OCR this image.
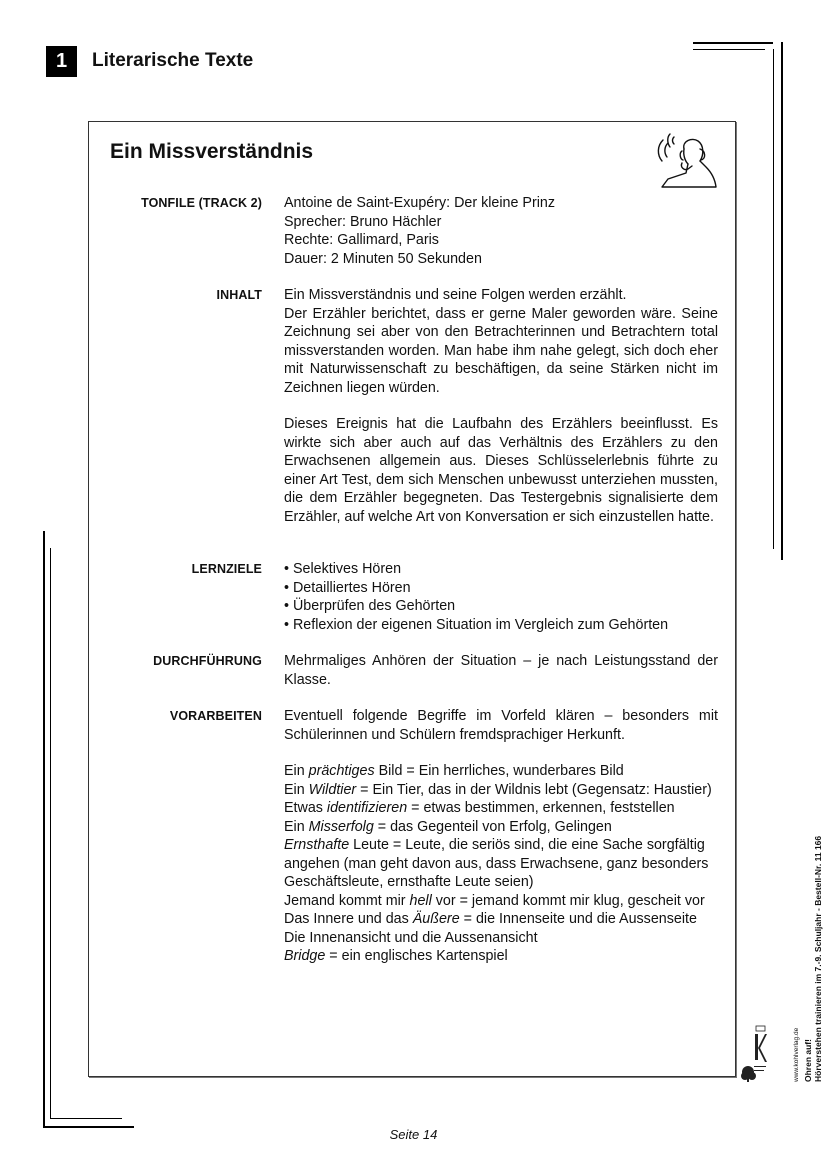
1	Literarische Texte
Ein Missverständnis
TONFILE (TRACK 2) Antoine de Saint-Exupéry: Der kleine Prinz

Sprecher: Bruno Hächler

Rechte: Gallimard, Paris

Dauer: 2 Minuten 50 Sekunden

INHALT Ein Missverständnis und seine Folgen werden erzählt.

Der Erzähler berichtet, dass er gerne Maler geworden wäre. Seine Zeichnung sei aber von den Betrachterinnen und Betrachtern total missverstanden worden. Man habe ihm nahe gelegt, sich doch eher mit Naturwissenschaft zu beschäftigen, da seine Stärken nicht im Zeichnen liegen würden.

Dieses Ereignis hat die Laufbahn des Erzählers beeinflusst. Es wirkte sich aber auch auf das Verhältnis des Erzählers zu den Erwachsenen allgemein aus. Dieses Schlüsselerlebnis führte zu einer Art Test, dem sich Menschen unbewusst unterziehen mussten, die dem Erzähler begegneten. Das Testergebnis signalisierte dem Erzähler, auf welche Art von Konversation er sich einzustellen hatte.

LERNZIELE • Selektives Hören

• Detailliertes Hören

• Überprüfen des Gehörten

• Reflexion der eigenen Situation im Vergleich zum Gehörten

DURCHFÜHRUNG Mehrmaliges Anhören der Situation – je nach Leistungsstand der Klasse.
VORARBEITEN Eventuell folgende Begriffe im Vorfeld klären – besonders mit Schülerinnen und Schülern fremdsprachiger Herkunft.

Ein prächtiges Bild = Ein herrliches, wunderbares Bild

Ein Wildtier = Ein Tier, das in der Wildnis lebt (Gegensatz: Haustier)

Etwas identifizieren = etwas bestimmen, erkennen, feststellen

Ein Misserfolg = das Gegenteil von Erfolg, Gelingen

Ernsthafte Leute = Leute, die seriös sind, die eine Sache sorgfältig angehen (man geht davon aus, dass Erwachsene, ganz besonders Geschäftsleute, ernsthafte Leute seien)

Jemand kommt mir hell vor = jemand kommt mir klug, gescheit vor

Das Innere und das Äußere = die Innenseite und die Aussenseite Die Innenansicht und die Aussenansicht

Bridge = ein englisches Kartenspiel

Seite 14
Ohren auf! Hörverstehen trainieren im 7.-9. Schuljahr - Bestell-Nr. 11 166
www.kohlverlag.de
